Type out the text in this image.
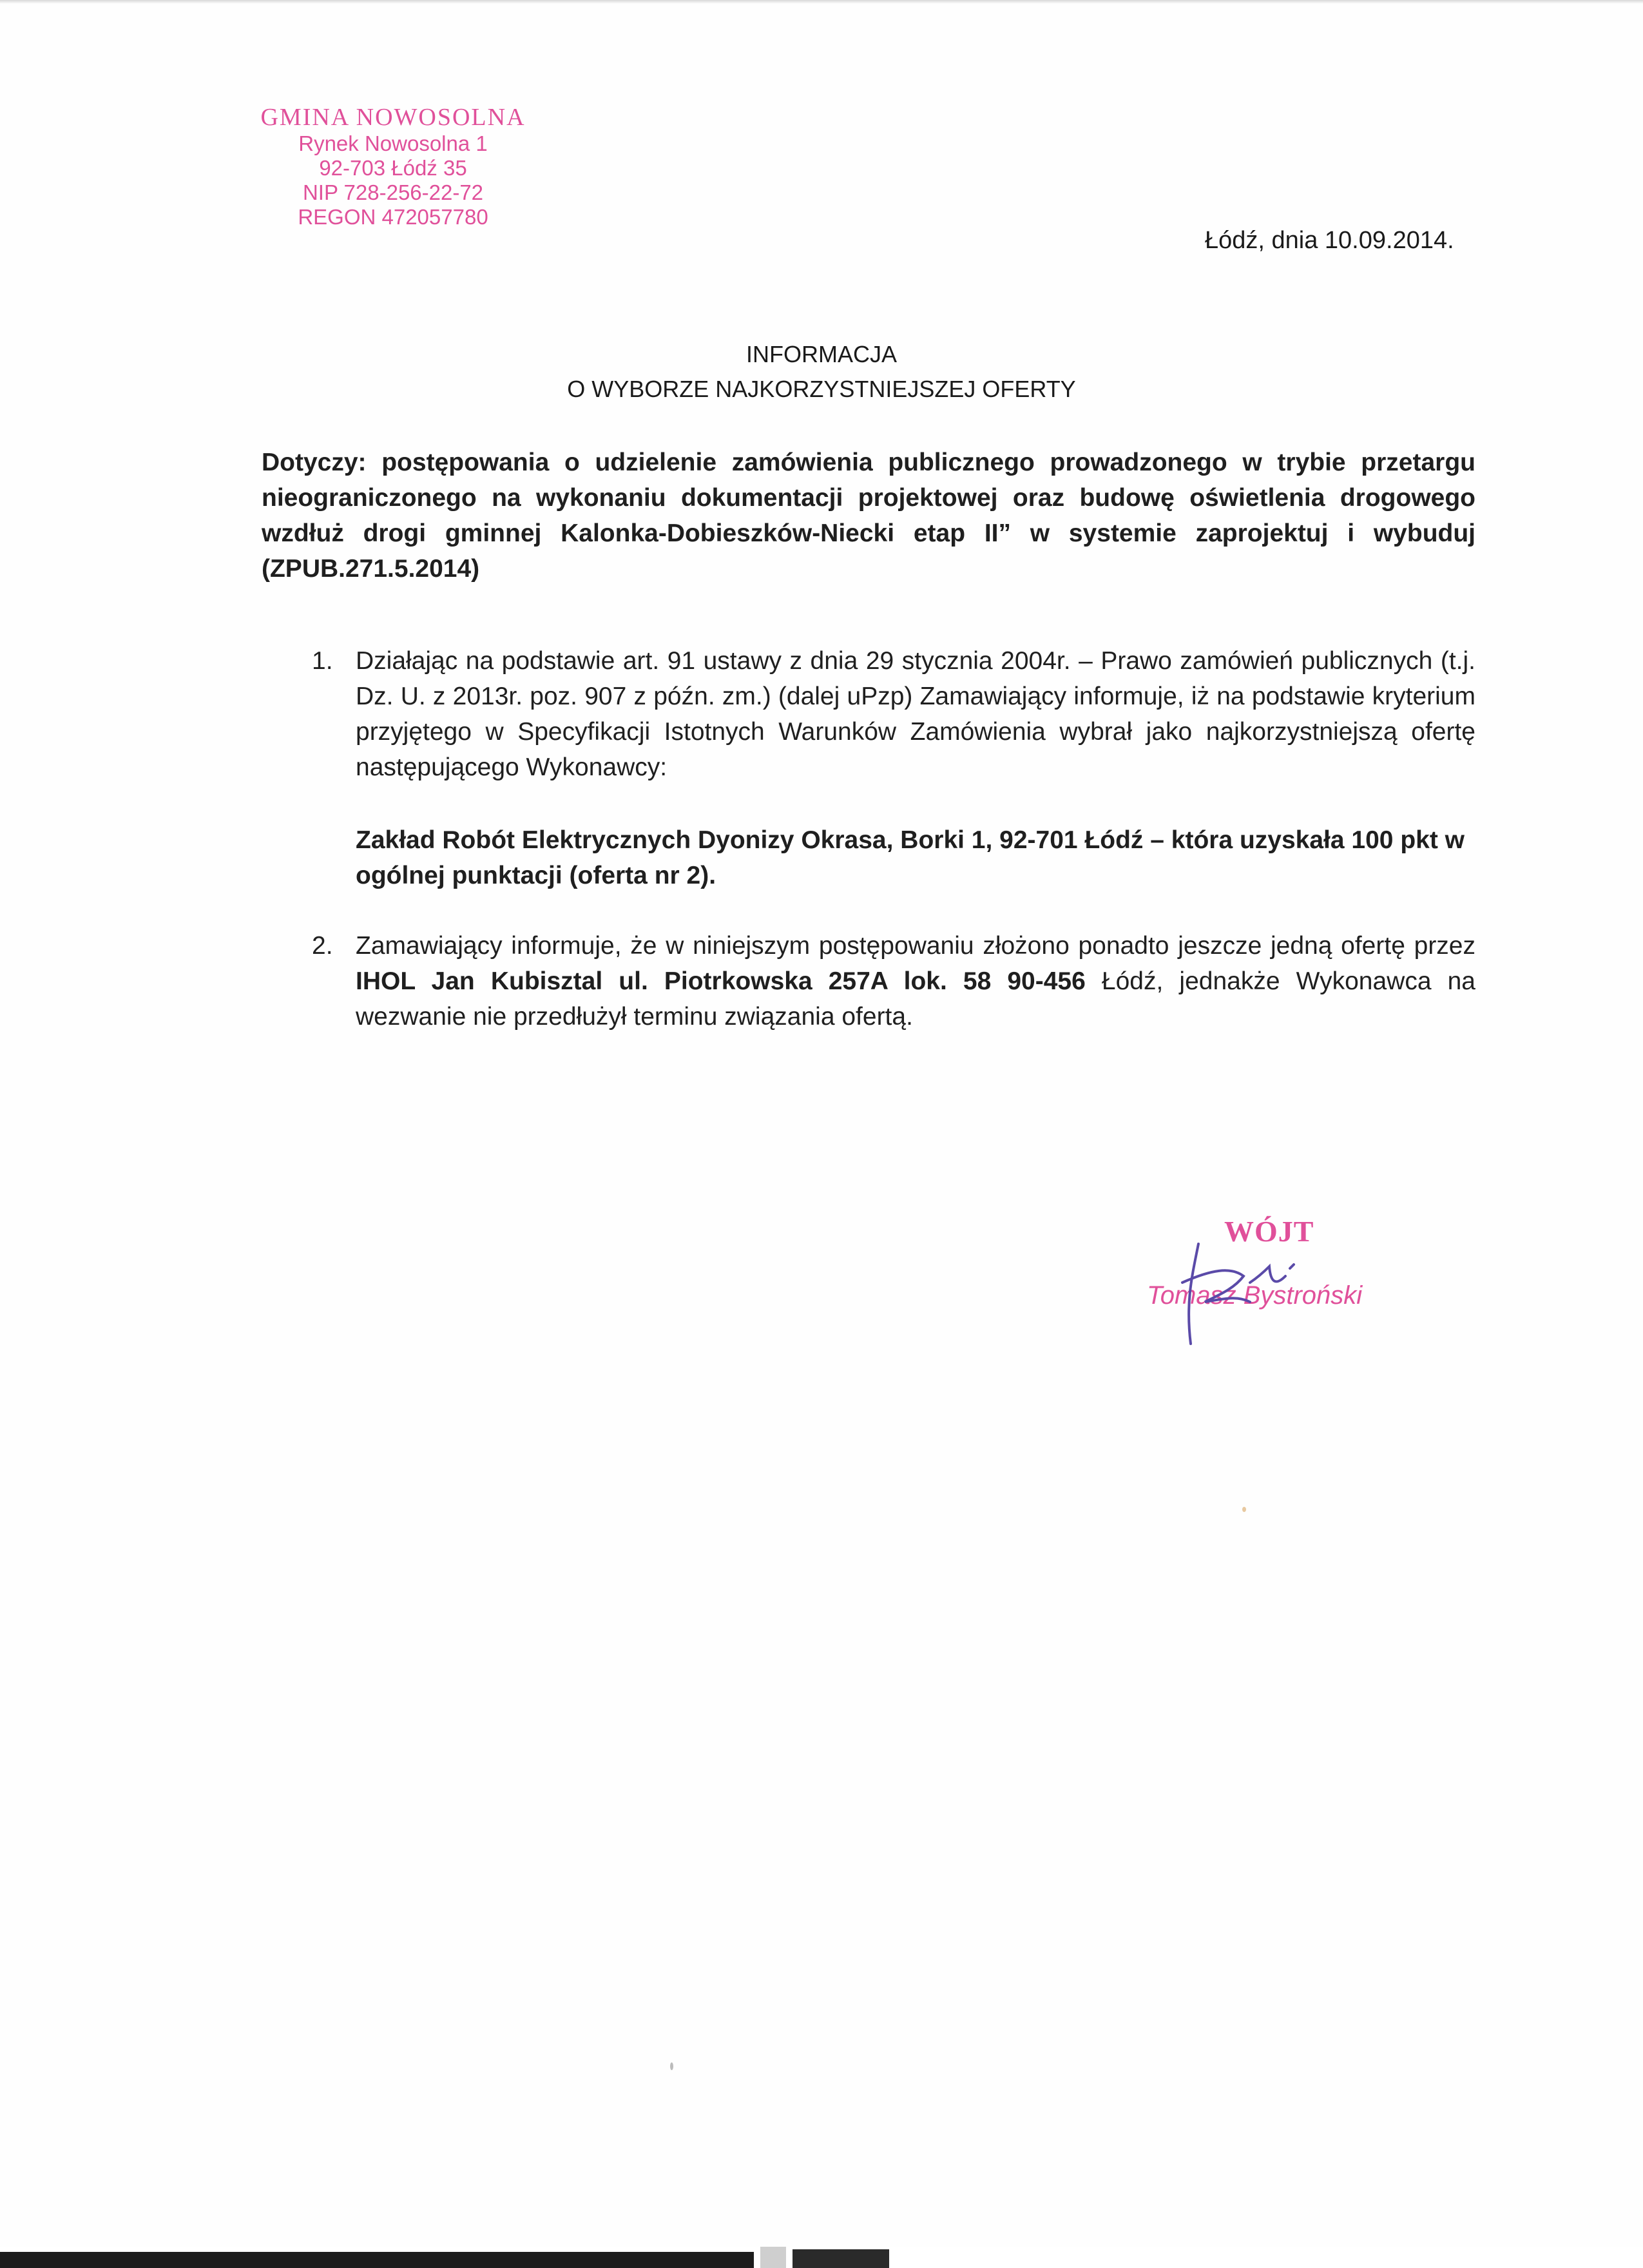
GMINA NOWOSOLNA
Rynek Nowosolna 1
92-703 Łódź 35
NIP 728-256-22-72
REGON 472057780
Łódź, dnia 10.09.2014.
INFORMACJA
O WYBORZE NAJKORZYSTNIEJSZEJ OFERTY
Dotyczy: postępowania o udzielenie zamówienia publicznego prowadzonego w trybie przetargu nieograniczonego na wykonaniu dokumentacji projektowej oraz budowę oświetlenia drogowego wzdłuż drogi gminnej Kalonka-Dobieszków-Niecki etap II” w systemie zaprojektuj i wybuduj (ZPUB.271.5.2014)
1. Działając na podstawie art. 91 ustawy z dnia 29 stycznia 2004r. – Prawo zamówień publicznych (t.j. Dz. U. z 2013r. poz. 907 z późn. zm.) (dalej uPzp) Zamawiający informuje, iż na podstawie kryterium przyjętego w Specyfikacji Istotnych Warunków Zamówienia wybrał jako najkorzystniejszą ofertę następującego Wykonawcy:
Zakład Robót Elektrycznych Dyonizy Okrasa, Borki 1, 92-701 Łódź – która uzyskała 100 pkt w ogólnej punktacji (oferta nr 2).
2. Zamawiający informuje, że w niniejszym postępowaniu złożono ponadto jeszcze jedną ofertę przez IHOL Jan Kubisztal ul. Piotrkowska 257A lok. 58 90-456 Łódź, jednakże Wykonawca na wezwanie nie przedłużył terminu związania ofertą.
WÓJT
Tomasz Bystroński
